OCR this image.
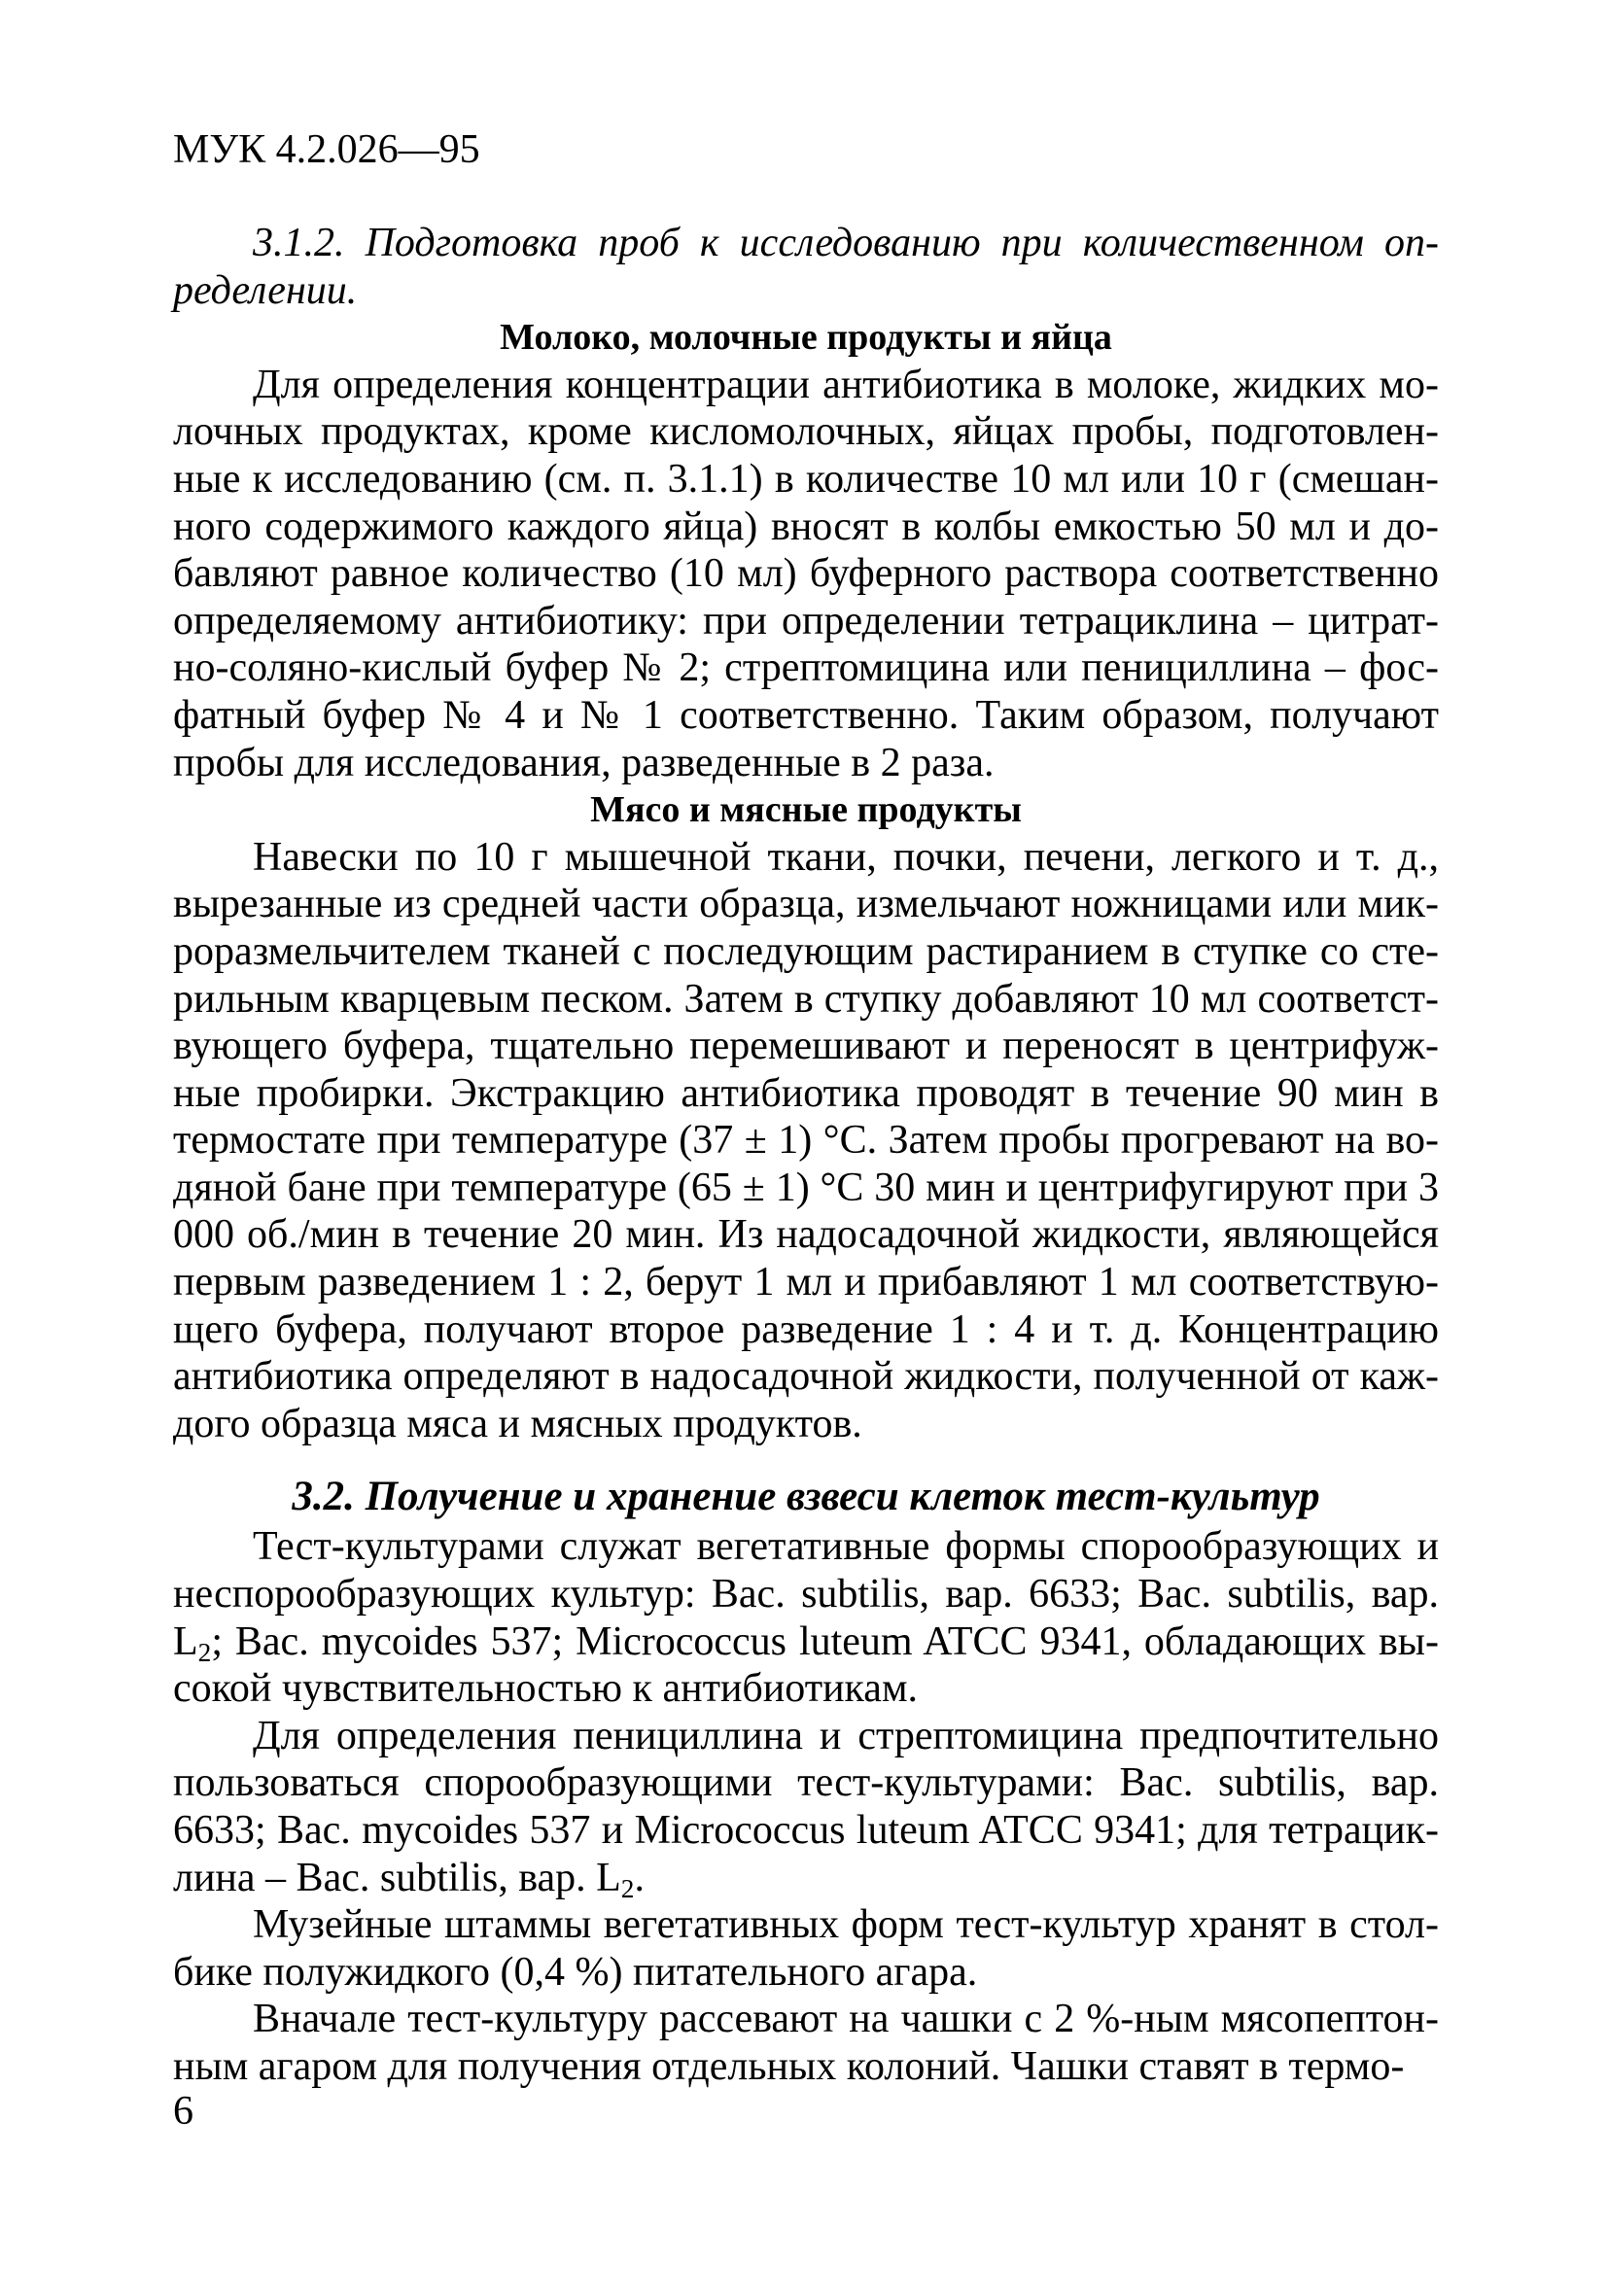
МУК 4.2.026—95

3.1.2. Подготовка проб к исследованию при количественном оп-ределении.

Молоко, молочные продукты и яйца

Для определения концентрации антибиотика в молоке, жидких мо-лочных продуктах, кроме кисломолочных, яйцах пробы, подготовлен-ные к исследованию (см. п. 3.1.1) в количестве 10 мл или 10 г (смешан-ного содержимого каждого яйца) вносят в колбы емкостью 50 мл и до-бавляют равное количество (10 мл) буферного раствора соответственно определяемому антибиотику: при определении тетрациклина – цитрат-но-соляно-кислый буфер № 2; стрептомицина или пенициллина – фос-фатный буфер № 4 и № 1 соответственно. Таким образом, получают пробы для исследования, разведенные в 2 раза.

Мясо и мясные продукты

Навески по 10 г мышечной ткани, почки, печени, легкого и т. д., вырезанные из средней части образца, измельчают ножницами или мик-роразмельчителем тканей с последующим растиранием в ступке со сте-рильным кварцевым песком. Затем в ступку добавляют 10 мл соответст-вующего буфера, тщательно перемешивают и переносят в центрифуж-ные пробирки. Экстракцию антибиотика проводят в течение 90 мин в термостате при температуре (37 ± 1) °С. Затем пробы прогревают на во-дяной бане при температуре (65 ± 1) °С 30 мин и центрифугируют при 3 000 об./мин в течение 20 мин. Из надосадочной жидкости, являющейся первым разведением 1 : 2, берут 1 мл и прибавляют 1 мл соответствую-щего буфера, получают второе разведение 1 : 4 и т. д. Концентрацию антибиотика определяют в надосадочной жидкости, полученной от каж-дого образца мяса и мясных продуктов.

3.2. Получение и хранение взвеси клеток тест-культур

Тест-культурами служат вегетативные формы спорообразующих и неспорообразующих культур: Bac. subtilis, вар. 6633; Bac. subtilis, вар. $L_2$; Bac. mycoides 537; Micrococcus luteum ATCC 9341, обладающих вы-сокой чувствительностью к антибиотикам.

Для определения пенициллина и стрептомицина предпочтительно пользоваться спорообразующими тест-культурами: Bac. subtilis, вар. 6633; Bac. mycoides 537 и Micrococcus luteum ATCC 9341; для тетрацик-лина – Bac. subtilis, вар. $L_2$.

Музейные штаммы вегетативных форм тест-культур хранят в стол-бике полужидкого (0,4 %) питательного агара.

Вначале тест-культуру рассевают на чашки с 2 %-ным мясопептон-ным агаром для получения отдельных колоний. Чашки ставят в термо-

6
